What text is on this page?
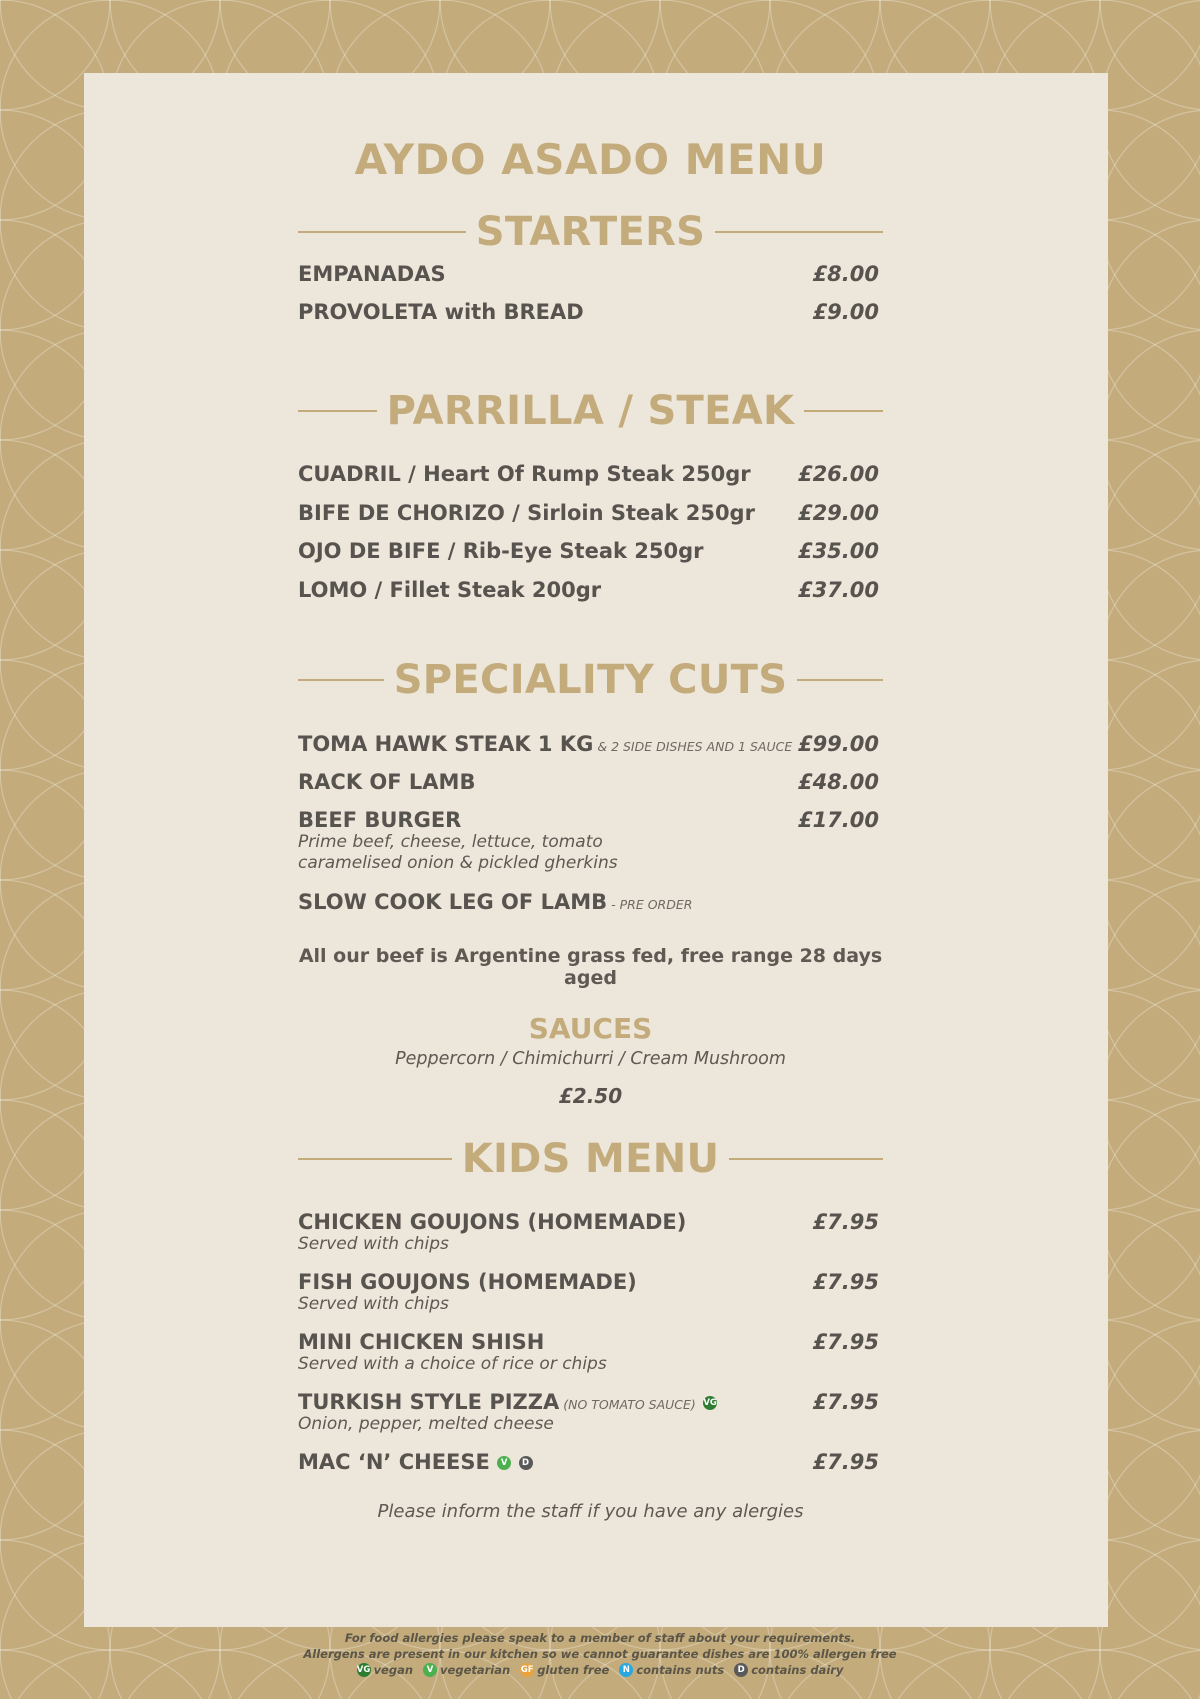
AYDO ASADO MENU
STARTERS
EMPANADAS	£8.00
PROVOLETA with BREAD	£9.00
PARRILLA / STEAK
CUADRIL / Heart Of Rump Steak 250gr	£26.00
BIFE DE CHORIZO / Sirloin Steak 250gr	£29.00
OJO DE BIFE / Rib-Eye Steak 250gr	£35.00
LOMO / Fillet Steak 200gr	£37.00
SPECIALITY CUTS
TOMA HAWK STEAK 1 KG & 2 SIDE DISHES AND 1 SAUCE £99.00
RACK OF LAMB	£48.00
BEEF BURGER	£17.00
Prime beef, cheese, lettuce, tomato
caramelised onion & pickled gherkins
SLOW COOK LEG OF LAMB - PRE ORDER
All our beef is Argentine grass fed, free range 28 days aged
SAUCES
Peppercorn / Chimichurri / Cream Mushroom
£2.50
KIDS MENU
CHICKEN GOUJONS (HOMEMADE)	£7.95
Served with chips
FISH GOUJONS (HOMEMADE)	£7.95
Served with chips
MINI CHICKEN SHISH	£7.95
Served with a choice of rice or chips
TURKISH STYLE PIZZA (NO TOMATO SAUCE) VG	£7.95
Onion, pepper, melted cheese
MAC ‘N’ CHEESE V D	£7.95
Please inform the staff if you have any alergies
For food allergies please speak to a member of staff about your requirements.
Allergens are present in our kitchen so we cannot guarantee dishes are 100% allergen free
VG vegan	V vegetarian GF gluten free	N contains nuts	D contains dairy
